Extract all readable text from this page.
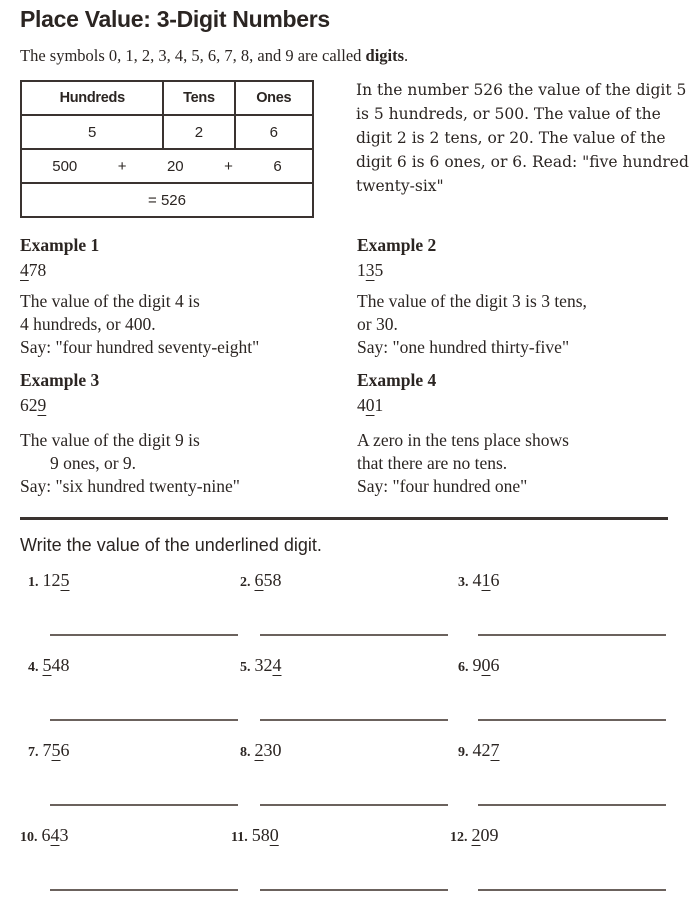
Place Value: 3-Digit Numbers
The symbols 0, 1, 2, 3, 4, 5, 6, 7, 8, and 9 are called digits.
Hundreds	Tens	Ones
5	2	6

500 + 20 + 6		

= 526		
In the number 526 the value of the digit 5 is 5 hundreds, or 500. The value of the digit 2 is 2 tens, or 20. The value of the digit 6 is 6 ones, or 6. Read: "five hundred twenty-six"
Example 1
478
The value of the digit 4 is
4 hundreds, or 400.
Say: "four hundred seventy-eight"
Example 2
135
The value of the digit 3 is 3 tens,
or 30.
Say: "one hundred thirty-five"
Example 3
629
The value of the digit 9 is
9 ones, or 9.
Say: "six hundred twenty-nine"
Example 4
401
A zero in the tens place shows
that there are no tens.
Say: "four hundred one"
Write the value of the underlined digit.
1. 125	2. 658	3. 416
4. 548	5. 324	6. 906
7. 756	8. 230	9. 427
10. 643	11. 580	12. 209
